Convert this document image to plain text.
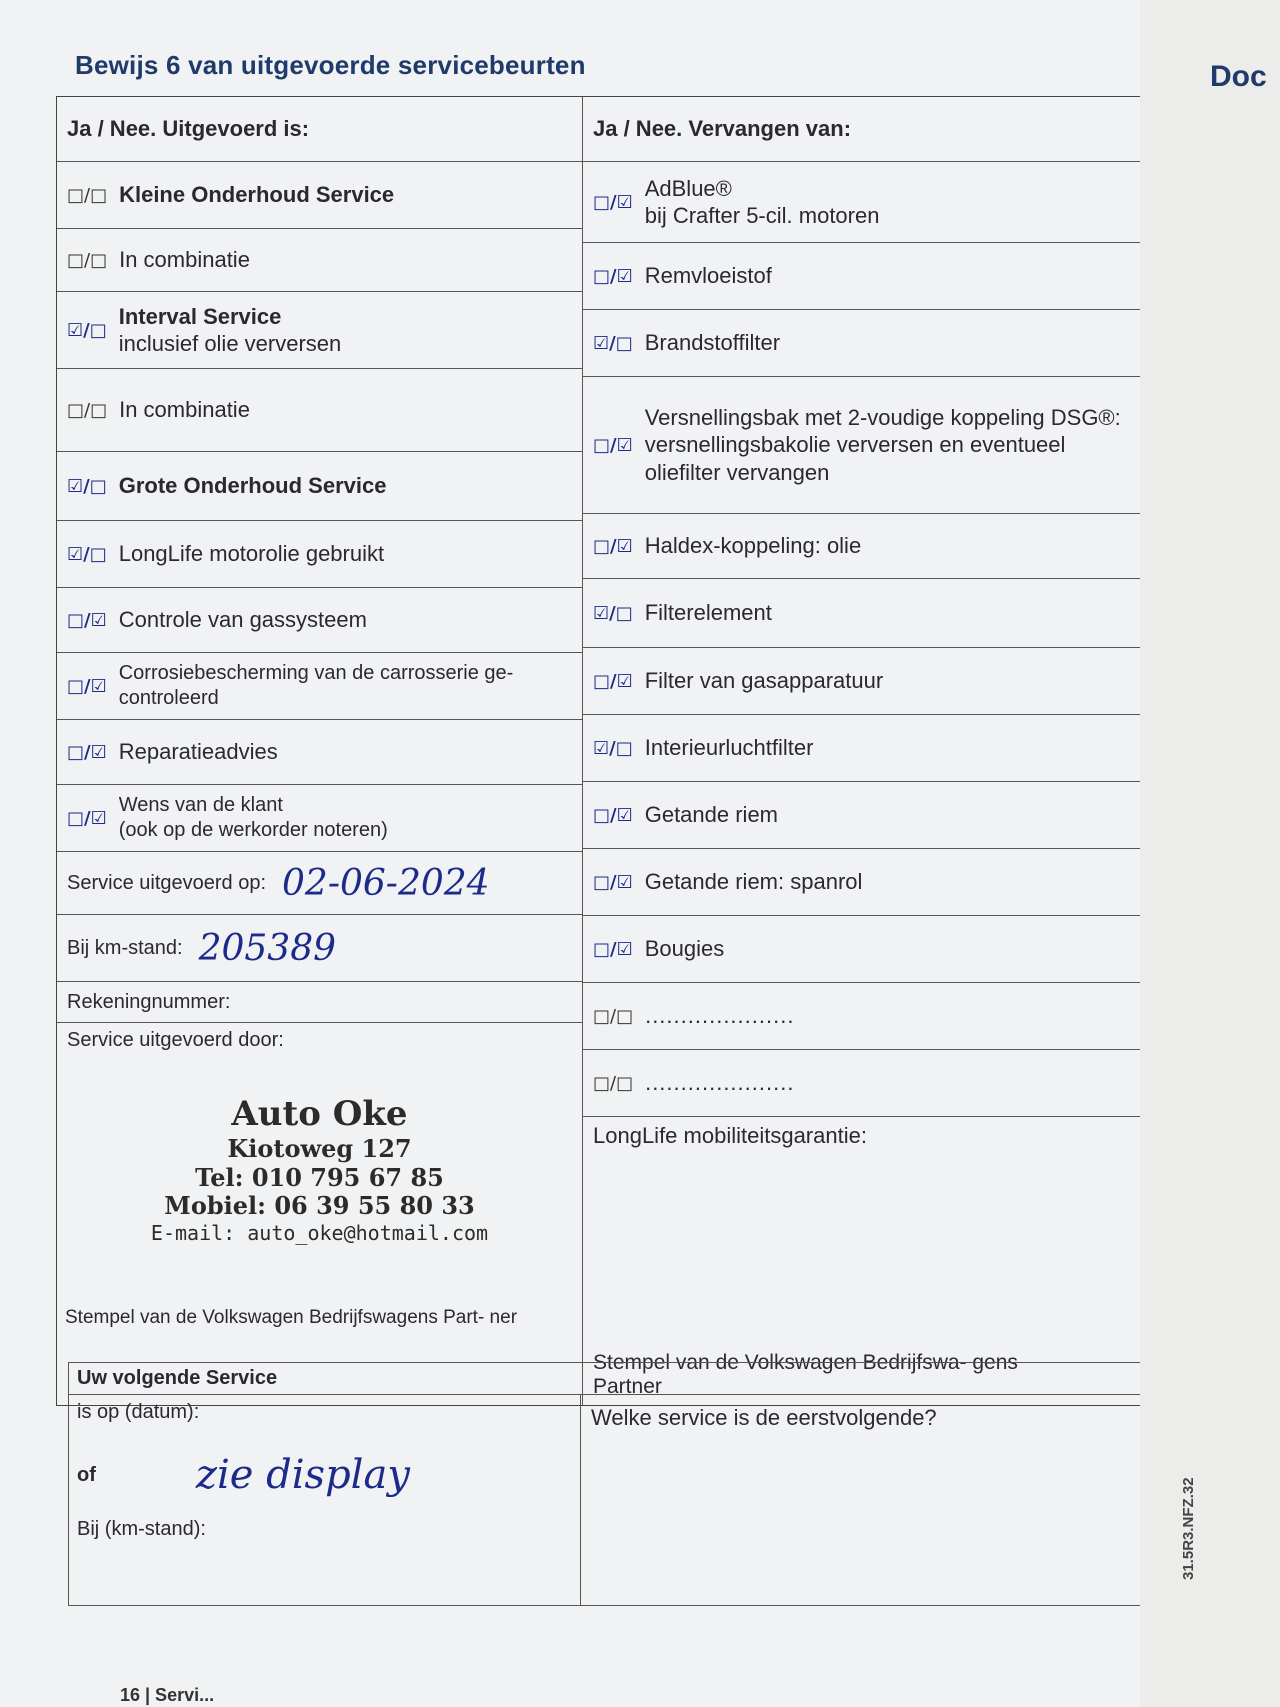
Bewijs 6 van uitgevoerde servicebeurten
Ja / Nee. Uitgevoerd is:	Ja / Nee. Vervangen van:
□/□ Kleine Onderhoud Service
□/□ In combinatie
☑/□
Interval Service
inclusief olie verversen
□/□ In combinatie
☑/□ Grote Onderhoud Service
☑/□ LongLife motorolie gebruikt
□/☑ Controle van gassysteem
□/☑
Corrosiebescherming van de carrosserie ge-
controleerd
□/☑ Reparatieadvies
□/☑
Wens van de klant
(ook op de werkorder noteren)
Service uitgevoerd op: 02-06-2024
Bij km-stand: 205389
Rekeningnummer:
Service uitgevoerd door:
Auto Oke
Kiotoweg 127
Tel: 010 795 67 85
Mobiel: 06 39 55 80 33
E-mail: auto_oke@hotmail.com
Stempel van de Volkswagen Bedrijfswagens Part- ner
□/☑
AdBlue®
bij Crafter 5-cil. motoren
□/☑ Remvloeistof
☑/□ Brandstoffilter
□/☑
Versnellingsbak met 2-voudige koppeling DSG®:
versnellingsbakolie verversen en eventueel oliefilter vervangen
□/☑ Haldex-koppeling: olie
☑/□ Filterelement
□/☑ Filter van gasapparatuur
☑/□ Interieurluchtfilter
□/☑ Getande riem
□/☑ Getande riem: spanrol
□/☑ Bougies
□/□ .....................
□/□ .....................
LongLife mobiliteitsgarantie:
Stempel van de Volkswagen Bedrijfswa- gens Partner
Uw volgende Service
is op (datum):
of	zie display
Bij (km-stand):
Welke service is de eerstvolgende?
16 | Servi...
Doc
31.5R3.NFZ.32
